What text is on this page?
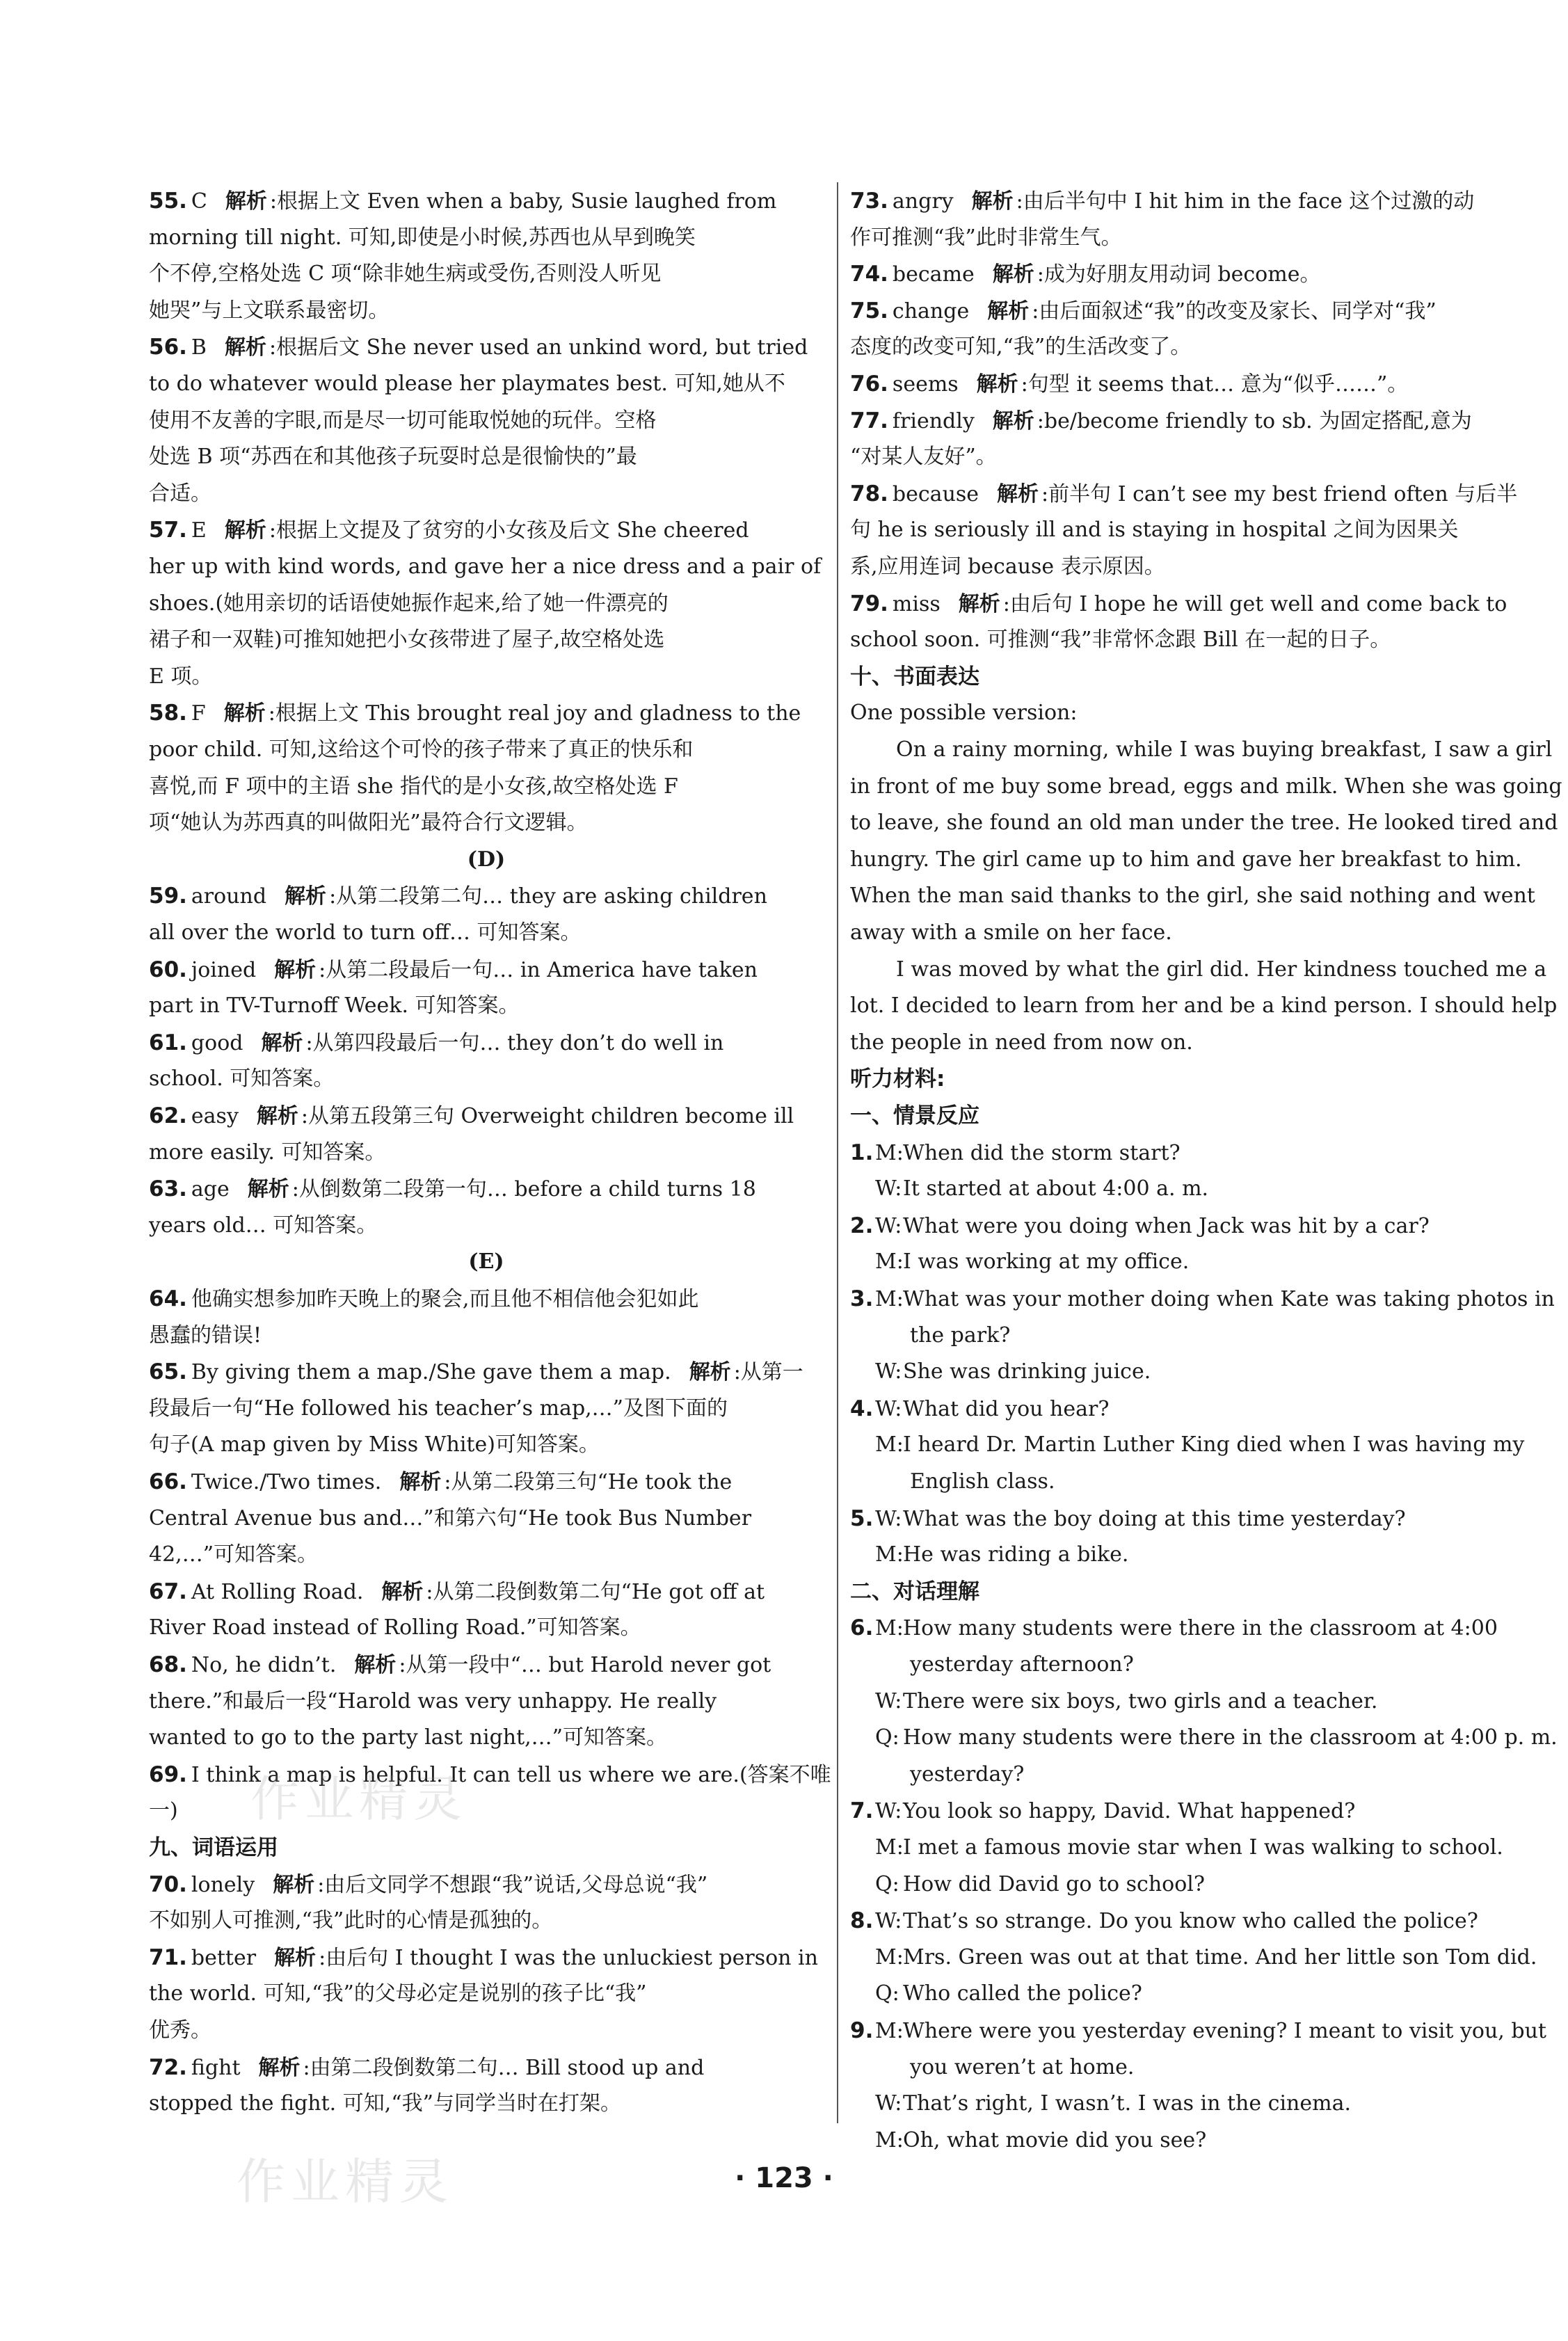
55. C 解析 :根据上文 Even when a baby, Susie laughed from
morning till night. 可知,即使是小时候,苏西也从早到晚笑
个不停,空格处选 C 项“除非她生病或受伤,否则没人听见
她哭”与上文联系最密切。
56. B 解析 :根据后文 She never used an unkind word, but tried
to do whatever would please her playmates best. 可知,她从不
使用不友善的字眼,而是尽一切可能取悦她的玩伴。空格
处选 B 项“苏西在和其他孩子玩耍时总是很愉快的”最
合适。
57. E 解析 :根据上文提及了贫穷的小女孩及后文 She cheered
her up with kind words, and gave her a nice dress and a pair of
shoes.(她用亲切的话语使她振作起来,给了她一件漂亮的
裙子和一双鞋)可推知她把小女孩带进了屋子,故空格处选
E 项。
58. F 解析 :根据上文 This brought real joy and gladness to the
poor child. 可知,这给这个可怜的孩子带来了真正的快乐和
喜悦,而 F 项中的主语 she 指代的是小女孩,故空格处选 F
项“她认为苏西真的叫做阳光”最符合行文逻辑。
(D)
59. around 解析 :从第二段第二句… they are asking children
all over the world to turn off… 可知答案。
60. joined 解析 :从第二段最后一句… in America have taken
part in TV-Turnoff Week. 可知答案。
61. good 解析 :从第四段最后一句… they don’t do well in
school. 可知答案。
62. easy 解析 :从第五段第三句 Overweight children become ill
more easily. 可知答案。
63. age 解析 :从倒数第二段第一句… before a child turns 18
years old… 可知答案。
(E)
64. 他确实想参加昨天晚上的聚会,而且他不相信他会犯如此
愚蠢的错误!
65. By giving them a map./She gave them a map. 解析 :从第一
段最后一句“He followed his teacher’s map,…”及图下面的
句子(A map given by Miss White)可知答案。
66. Twice./Two times. 解析 :从第二段第三句“He took the
Central Avenue bus and…”和第六句“He took Bus Number
42,…”可知答案。
67. At Rolling Road. 解析 :从第二段倒数第二句“He got off at
River Road instead of Rolling Road.”可知答案。
68. No, he didn’t. 解析 :从第一段中“… but Harold never got
there.”和最后一段“Harold was very unhappy. He really
wanted to go to the party last night,…”可知答案。
69. I think a map is helpful. It can tell us where we are.(答案不唯
一)
九、词语运用
70. lonely 解析 :由后文同学不想跟“我”说话,父母总说“我”
不如别人可推测,“我”此时的心情是孤独的。
71. better 解析 :由后句 I thought I was the unluckiest person in
the world. 可知,“我”的父母必定是说别的孩子比“我”
优秀。
72. fight 解析 :由第二段倒数第二句… Bill stood up and
stopped the fight. 可知,“我”与同学当时在打架。
73. angry 解析 :由后半句中 I hit him in the face 这个过激的动
作可推测“我”此时非常生气。
74. became 解析 :成为好朋友用动词 become。
75. change 解析 :由后面叙述“我”的改变及家长、同学对“我”
态度的改变可知,“我”的生活改变了。
76. seems 解析 :句型 it seems that… 意为“似乎……”。
77. friendly 解析 :be/become friendly to sb. 为固定搭配,意为
“对某人友好”。
78. because 解析 :前半句 I can’t see my best friend often 与后半
句 he is seriously ill and is staying in hospital 之间为因果关
系,应用连词 because 表示原因。
79. miss 解析 :由后句 I hope he will get well and come back to
school soon. 可推测“我”非常怀念跟 Bill 在一起的日子。
十、书面表达
One possible version:
On a rainy morning, while I was buying breakfast, I saw a girl
in front of me buy some bread, eggs and milk. When she was going
to leave, she found an old man under the tree. He looked tired and
hungry. The girl came up to him and gave her breakfast to him.
When the man said thanks to the girl, she said nothing and went
away with a smile on her face.
I was moved by what the girl did. Her kindness touched me a
lot. I decided to learn from her and be a kind person. I should help
the people in need from now on.
听力材料:
一、情景反应
1.M:When did the storm start?
W:It started at about 4:00 a. m.
2.W:What were you doing when Jack was hit by a car?
M:I was working at my office.
3.M:What was your mother doing when Kate was taking photos in
the park?
W:She was drinking juice.
4.W:What did you hear?
M:I heard Dr. Martin Luther King died when I was having my
English class.
5.W:What was the boy doing at this time yesterday?
M:He was riding a bike.
二、对话理解
6.M:How many students were there in the classroom at 4:00
yesterday afternoon?
W:There were six boys, two girls and a teacher.
Q: How many students were there in the classroom at 4:00 p. m.
yesterday?
7.W:You look so happy, David. What happened?
M:I met a famous movie star when I was walking to school.
Q: How did David go to school?
8.W:That’s so strange. Do you know who called the police?
M:Mrs. Green was out at that time. And her little son Tom did.
Q: Who called the police?
9.M:Where were you yesterday evening? I meant to visit you, but
you weren’t at home.
W:That’s right, I wasn’t. I was in the cinema.
M:Oh, what movie did you see?
作业精灵
作业精灵	· 123 ·
